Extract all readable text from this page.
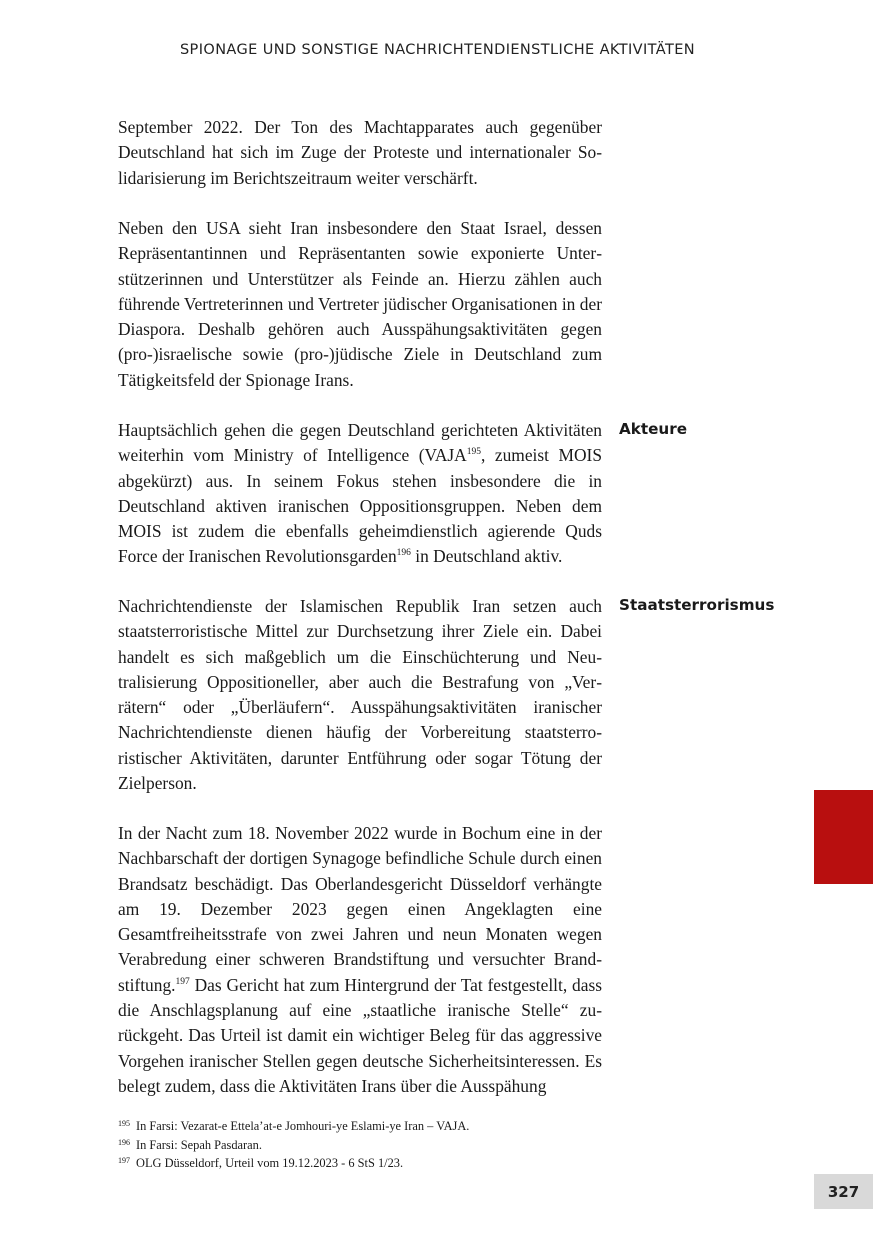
SPIONAGE UND SONSTIGE NACHRICHTENDIENSTLICHE AKTIVITÄTEN

September 2022. Der Ton des Machtapparates auch gegenüber Deutschland hat sich im Zuge der Proteste und internationaler Solidarisierung im Berichtszeitraum weiter verschärft.

Neben den USA sieht Iran insbesondere den Staat Israel, dessen Repräsentantinnen und Repräsentanten sowie exponierte Unterstützerinnen und Unterstützer als Feinde an. Hierzu zählen auch führende Vertreterinnen und Vertreter jüdischer Organisationen in der Diaspora. Deshalb gehören auch Ausspähungsaktivitäten gegen (pro-)israelische sowie (pro-)jüdische Ziele in Deutschland zum Tätigkeitsfeld der Spionage Irans.

Hauptsächlich gehen die gegen Deutschland gerichteten Aktivitäten weiterhin vom Ministry of Intelligence (VAJA$^{195}$, zumeist MOIS abgekürzt) aus. In seinem Fokus stehen insbesondere die in Deutschland aktiven iranischen Oppositionsgruppen. Neben dem MOIS ist zudem die ebenfalls geheimdienstlich agierende Quds Force der Iranischen Revolutionsgarden$^{196}$ in Deutschland aktiv.

Akteure

Nachrichtendienste der Islamischen Republik Iran setzen auch staatsterroristische Mittel zur Durchsetzung ihrer Ziele ein. Dabei handelt es sich maßgeblich um die Einschüchterung und Neutralisierung Oppositioneller, aber auch die Bestrafung von „Verrätern“ oder „Überläufern“. Ausspähungsaktivitäten iranischer Nachrichtendienste dienen häufig der Vorbereitung staatsterroristischer Aktivitäten, darunter Entführung oder sogar Tötung der Zielperson.

Staatsterrorismus

In der Nacht zum 18. November 2022 wurde in Bochum eine in der Nachbarschaft der dortigen Synagoge befindliche Schule durch einen Brandsatz beschädigt. Das Oberlandesgericht Düsseldorf verhängte am 19. Dezember 2023 gegen einen Angeklagten eine Gesamtfreiheitsstrafe von zwei Jahren und neun Monaten wegen Verabredung einer schweren Brandstiftung und versuchter Brandstiftung.$^{197}$ Das Gericht hat zum Hintergrund der Tat festgestellt, dass die Anschlagsplanung auf eine „staatliche iranische Stelle“ zurückgeht. Das Urteil ist damit ein wichtiger Beleg für das aggressive Vorgehen iranischer Stellen gegen deutsche Sicherheitsinteressen. Es belegt zudem, dass die Aktivitäten Irans über die Ausspähung

195 In Farsi: Vezarat-e Ettela’at-e Jomhouri-ye Eslami-ye Iran – VAJA.
196 In Farsi: Sepah Pasdaran.
197 OLG Düsseldorf, Urteil vom 19.12.2023 - 6 StS 1/23.
327
